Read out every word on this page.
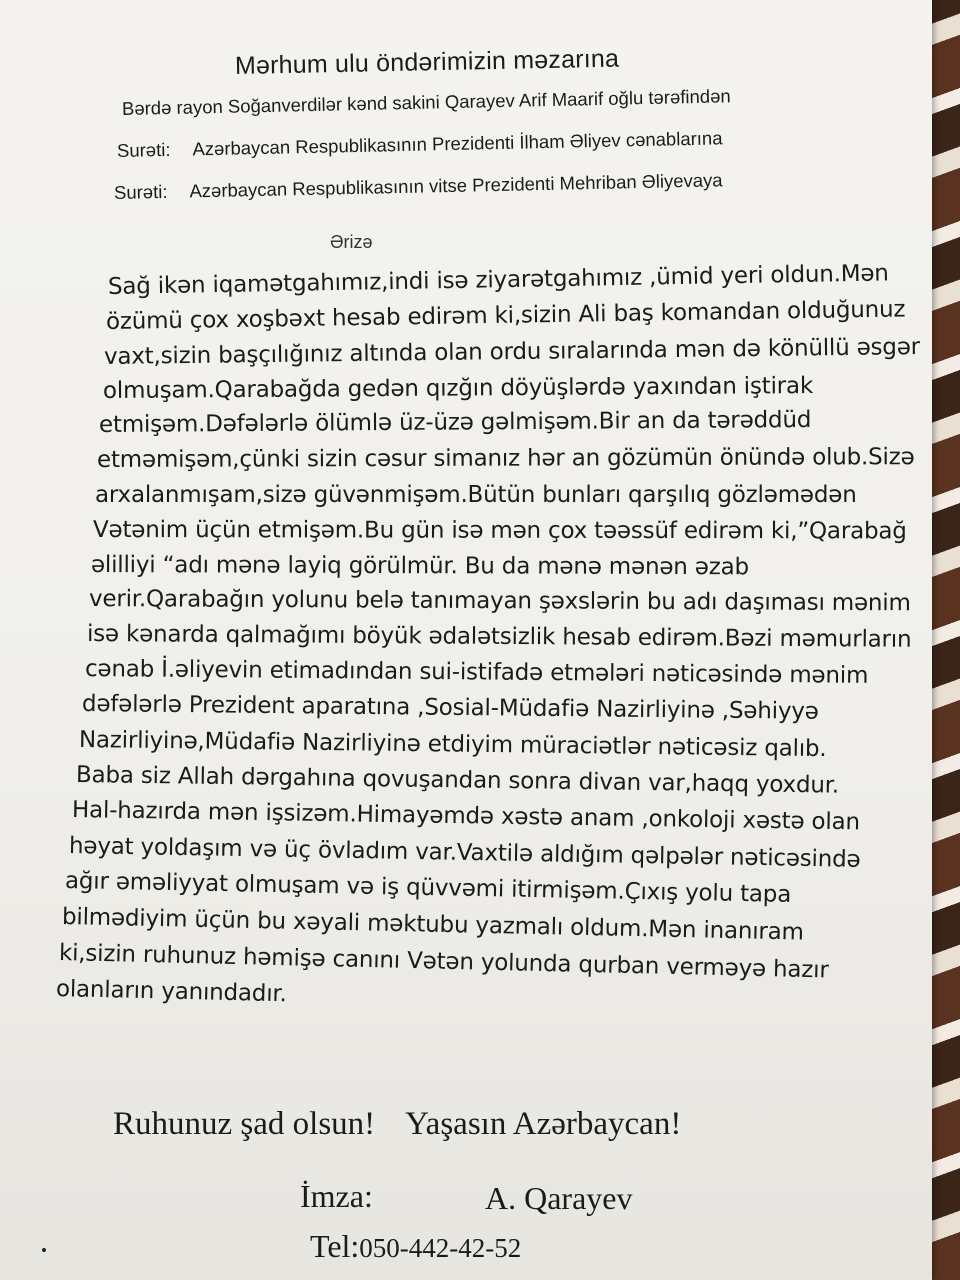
Mərhum ulu öndərimizin məzarına
Bərdə rayon Soğanverdilər kənd sakini Qarayev Arif Maarif oğlu tərəfindən
Surəti: Azərbaycan Respublikasının Prezidenti İlham Əliyev cənablarına
Surəti: Azərbaycan Respublikasının vitse Prezidenti Mehriban Əliyevaya
Ərizə
Sağ ikən iqamətgahımız,indi isə ziyarətgahımız ,ümid yeri oldun.Mən
özümü çox xoşbəxt hesab edirəm ki,sizin Ali baş komandan olduğunuz
vaxt,sizin başçılığınız altında olan ordu sıralarında mən də könüllü əsgər
olmuşam.Qarabağda gedən qızğın döyüşlərdə yaxından iştirak
etmişəm.Dəfələrlə ölümlə üz-üzə gəlmişəm.Bir an da tərəddüd
etməmişəm,çünki sizin cəsur simanız hər an gözümün önündə olub.Sizə
arxalanmışam,sizə güvənmişəm.Bütün bunları qarşılıq gözləmədən
Vətənim üçün etmişəm.Bu gün isə mən çox təəssüf edirəm ki,”Qarabağ
əlilliyi “adı mənə layiq görülmür. Bu da mənə mənən əzab
verir.Qarabağın yolunu belə tanımayan şəxslərin bu adı daşıması mənim
isə kənarda qalmağımı böyük ədalətsizlik hesab edirəm.Bəzi məmurların
cənab İ.əliyevin etimadından sui-istifadə etmələri nəticəsində mənim
dəfələrlə Prezident aparatına ,Sosial-Müdafiə Nazirliyinə ,Səhiyyə
Nazirliyinə,Müdafiə Nazirliyinə etdiyim müraciətlər nəticəsiz qalıb.
Baba siz Allah dərgahına qovuşandan sonra divan var,haqq yoxdur.
Hal-hazırda mən işsizəm.Himayəmdə xəstə anam ,onkoloji xəstə olan
həyat yoldaşım və üç övladım var.Vaxtilə aldığım qəlpələr nəticəsində
ağır əməliyyat olmuşam və iş qüvvəmi itirmişəm.Çıxış yolu tapa
bilmədiyim üçün bu xəyali məktubu yazmalı oldum.Mən inanıram
ki,sizin ruhunuz həmişə canını Vətən yolunda qurban verməyə hazır
olanların yanındadır.
Ruhunuz şad olsun! Yaşasın Azərbaycan!
İmza:	A. Qarayev
Tel:050-442-42-52
